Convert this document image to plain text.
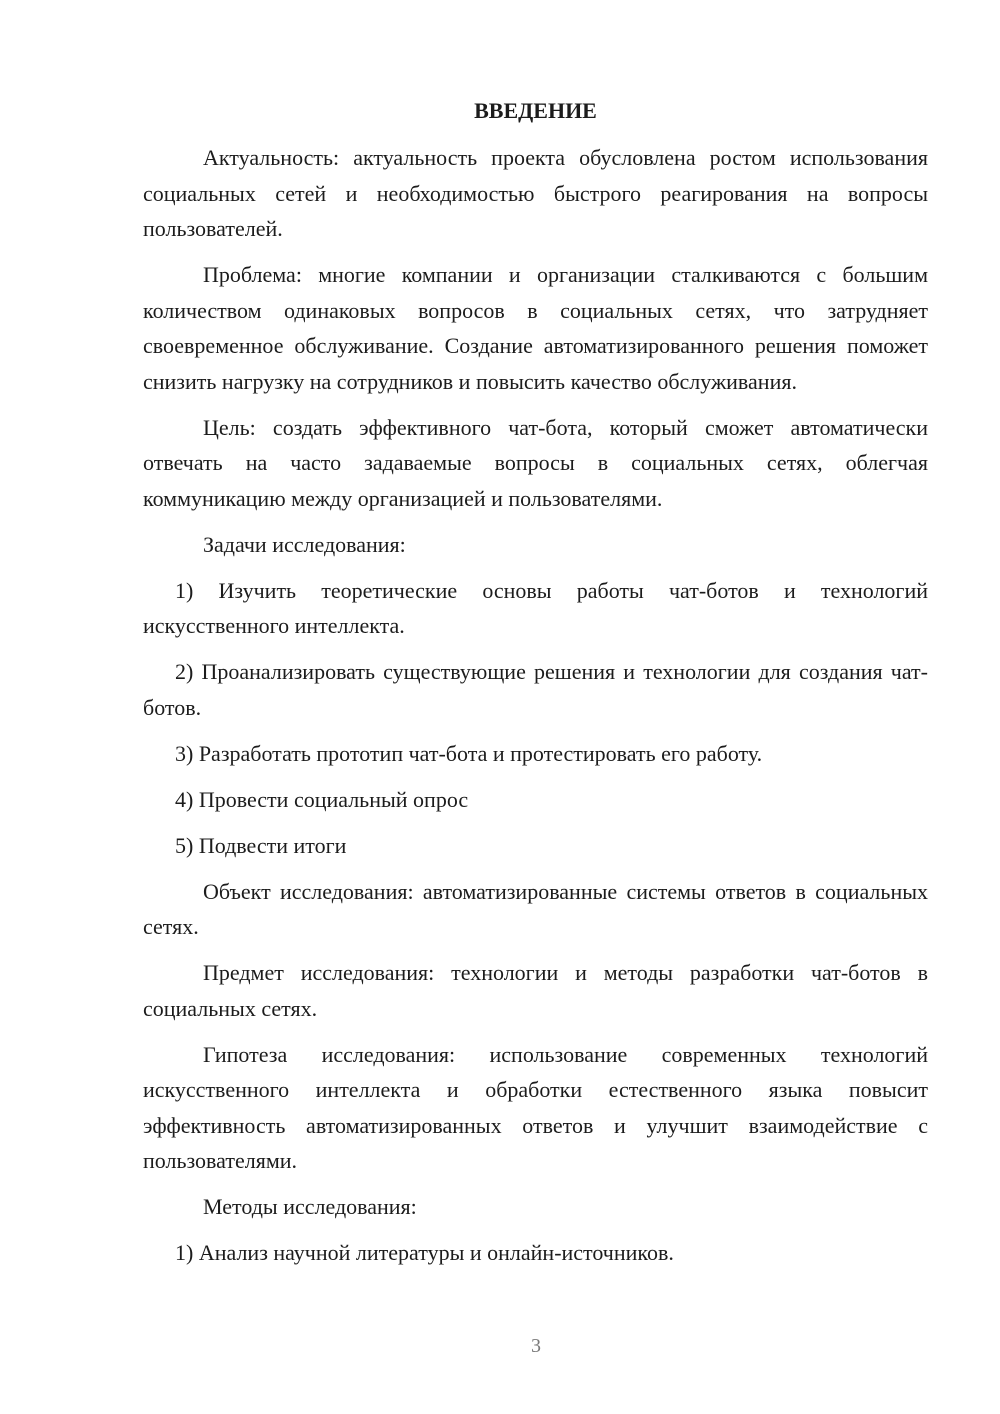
ВВЕДЕНИЕ

Актуальность: актуальность проекта обусловлена ростом использования социальных сетей и необходимостью быстрого реагирования на вопросы пользователей.

Проблема: многие компании и организации сталкиваются с большим количеством одинаковых вопросов в социальных сетях, что затрудняет своевременное обслуживание. Создание автоматизированного решения поможет снизить нагрузку на сотрудников и повысить качество обслуживания.

Цель: создать эффективного чат-бота, который сможет автоматически отвечать на часто задаваемые вопросы в социальных сетях, облегчая коммуникацию между организацией и пользователями.

Задачи исследования:

1) Изучить теоретические основы работы чат-ботов и технологий искусственного интеллекта.

2) Проанализировать существующие решения и технологии для создания чат-ботов.

3) Разработать прототип чат-бота и протестировать его работу.

4) Провести социальный опрос

5) Подвести итоги

Объект исследования: автоматизированные системы ответов в социальных сетях.

Предмет исследования: технологии и методы разработки чат-ботов в социальных сетях.

Гипотеза исследования: использование современных технологий искусственного интеллекта и обработки естественного языка повысит эффективность автоматизированных ответов и улучшит взаимодействие с пользователями.

Методы исследования:

1) Анализ научной литературы и онлайн-источников.

3
